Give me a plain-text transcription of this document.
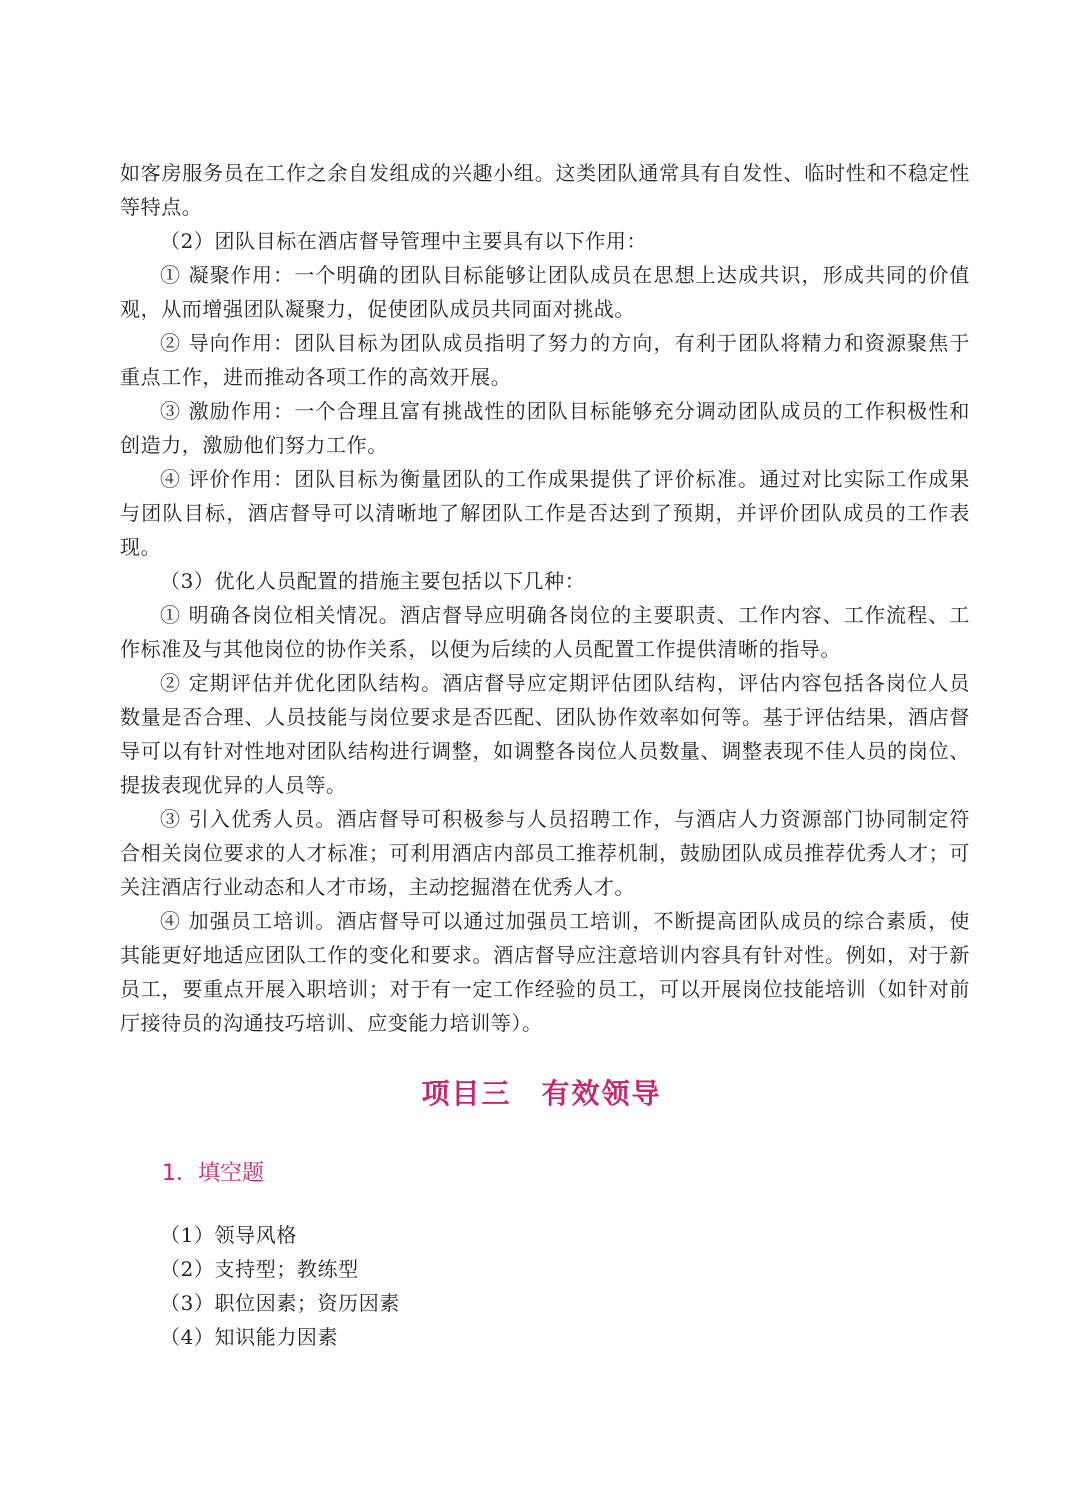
如客房服务员在工作之余自发组成的兴趣小组。这类团队通常具有自发性、临时性和不稳定性等特点。

（2）团队目标在酒店督导管理中主要具有以下作用：

① 凝聚作用：一个明确的团队目标能够让团队成员在思想上达成共识，形成共同的价值观，从而增强团队凝聚力，促使团队成员共同面对挑战。

② 导向作用：团队目标为团队成员指明了努力的方向，有利于团队将精力和资源聚焦于重点工作，进而推动各项工作的高效开展。

③ 激励作用：一个合理且富有挑战性的团队目标能够充分调动团队成员的工作积极性和创造力，激励他们努力工作。

④ 评价作用：团队目标为衡量团队的工作成果提供了评价标准。通过对比实际工作成果与团队目标，酒店督导可以清晰地了解团队工作是否达到了预期，并评价团队成员的工作表现。

（3）优化人员配置的措施主要包括以下几种：

① 明确各岗位相关情况。酒店督导应明确各岗位的主要职责、工作内容、工作流程、工作标准及与其他岗位的协作关系，以便为后续的人员配置工作提供清晰的指导。

② 定期评估并优化团队结构。酒店督导应定期评估团队结构，评估内容包括各岗位人员数量是否合理、人员技能与岗位要求是否匹配、团队协作效率如何等。基于评估结果，酒店督导可以有针对性地对团队结构进行调整，如调整各岗位人员数量、调整表现不佳人员的岗位、提拔表现优异的人员等。

③ 引入优秀人员。酒店督导可积极参与人员招聘工作，与酒店人力资源部门协同制定符合相关岗位要求的人才标准；可利用酒店内部员工推荐机制，鼓励团队成员推荐优秀人才；可关注酒店行业动态和人才市场，主动挖掘潜在优秀人才。

④ 加强员工培训。酒店督导可以通过加强员工培训，不断提高团队成员的综合素质，使其能更好地适应团队工作的变化和要求。酒店督导应注意培训内容具有针对性。例如，对于新员工，要重点开展入职培训；对于有一定工作经验的员工，可以开展岗位技能培训（如针对前厅接待员的沟通技巧培训、应变能力培训等）。

项目三　有效领导
1．填空题

（1）领导风格

（2）支持型；教练型

（3）职位因素；资历因素

（4）知识能力因素
